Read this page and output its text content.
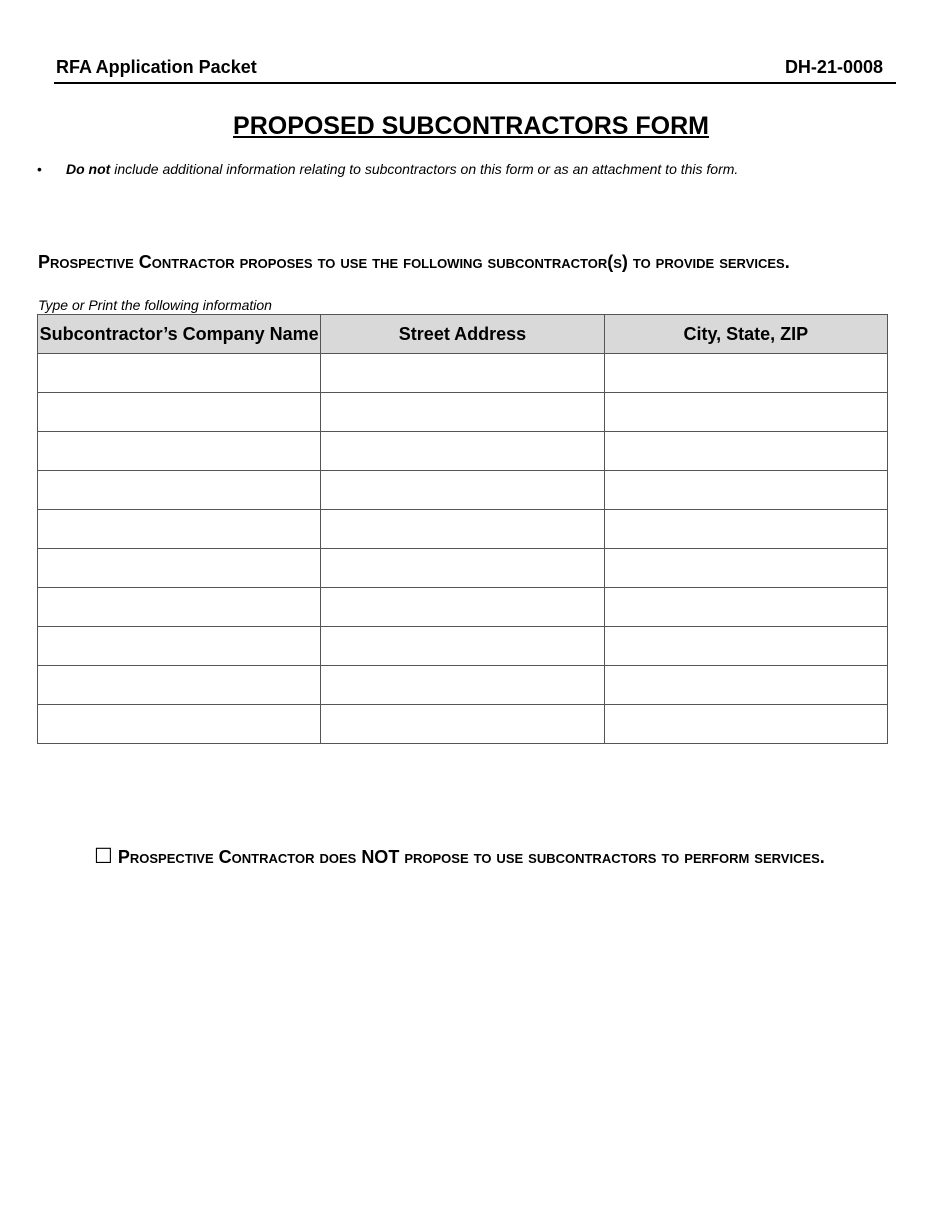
RFA Application Packet	DH-21-0008
PROPOSED SUBCONTRACTORS FORM
• Do not include additional information relating to subcontractors on this form or as an attachment to this form.
Prospective Contractor proposes to use the following subcontractor(s) to provide services.
Type or Print the following information
Subcontractor’s Company Name	Street Address	City, State, ZIP

☐ Prospective Contractor does NOT propose to use subcontractors to perform services.
